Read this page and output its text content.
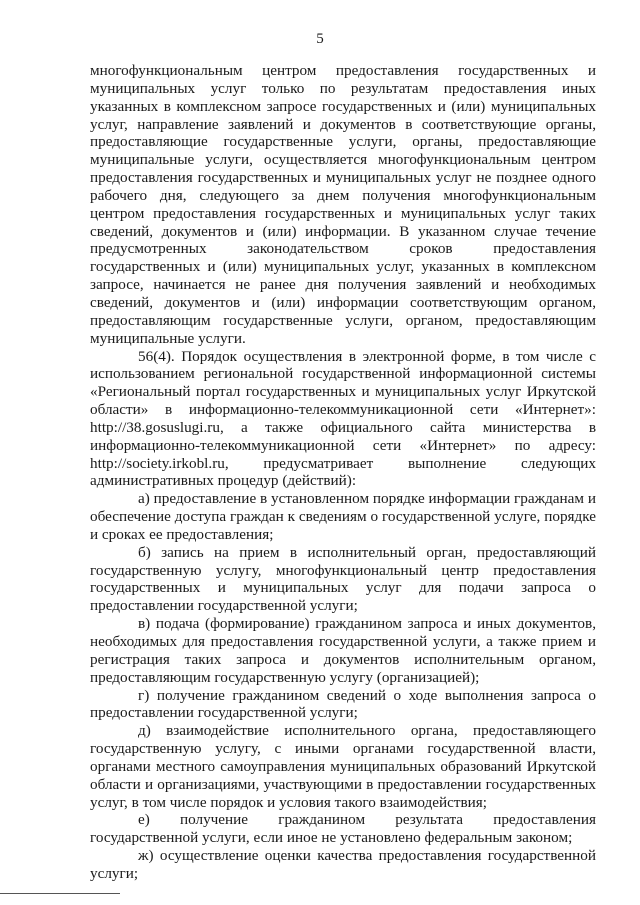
5

многофункциональным центром предоставления государственных и муниципальных услуг только по результатам предоставления иных указанных в комплексном запросе государственных и (или) муниципальных услуг, направление заявлений и документов в соответствующие органы, предоставляющие государственные услуги, органы, предоставляющие муниципальные услуги, осуществляется многофункциональным центром предоставления государственных и муниципальных услуг не позднее одного рабочего дня, следующего за днем получения многофункциональным центром предоставления государственных и муниципальных услуг таких сведений, документов и (или) информации. В указанном случае течение предусмотренных законодательством сроков предоставления государственных и (или) муниципальных услуг, указанных в комплексном запросе, начинается не ранее дня получения заявлений и необходимых сведений, документов и (или) информации соответствующим органом, предоставляющим государственные услуги, органом, предоставляющим муниципальные услуги.

56(4). Порядок осуществления в электронной форме, в том числе с использованием региональной государственной информационной системы «Региональный портал государственных и муниципальных услуг Иркутской области» в информационно-телекоммуникационной сети «Интернет»: http://38.gosuslugi.ru, а также официального сайта министерства в информационно-телекоммуникационной сети «Интернет» по адресу: http://society.irkobl.ru, предусматривает выполнение следующих административных процедур (действий):

а) предоставление в установленном порядке информации гражданам и обеспечение доступа граждан к сведениям о государственной услуге, порядке и сроках ее предоставления;

б) запись на прием в исполнительный орган, предоставляющий государственную услугу, многофункциональный центр предоставления государственных и муниципальных услуг для подачи запроса о предоставлении государственной услуги;

в) подача (формирование) гражданином запроса и иных документов, необходимых для предоставления государственной услуги, а также прием и регистрация таких запроса и документов исполнительным органом, предоставляющим государственную услугу (организацией);

г) получение гражданином сведений о ходе выполнения запроса о предоставлении государственной услуги;

д) взаимодействие исполнительного органа, предоставляющего государственную услугу, с иными органами государственной власти, органами местного самоуправления муниципальных образований Иркутской области и организациями, участвующими в предоставлении государственных услуг, в том числе порядок и условия такого взаимодействия;

е) получение гражданином результата предоставления государственной услуги, если иное не установлено федеральным законом;

ж) осуществление оценки качества предоставления государственной услуги;
